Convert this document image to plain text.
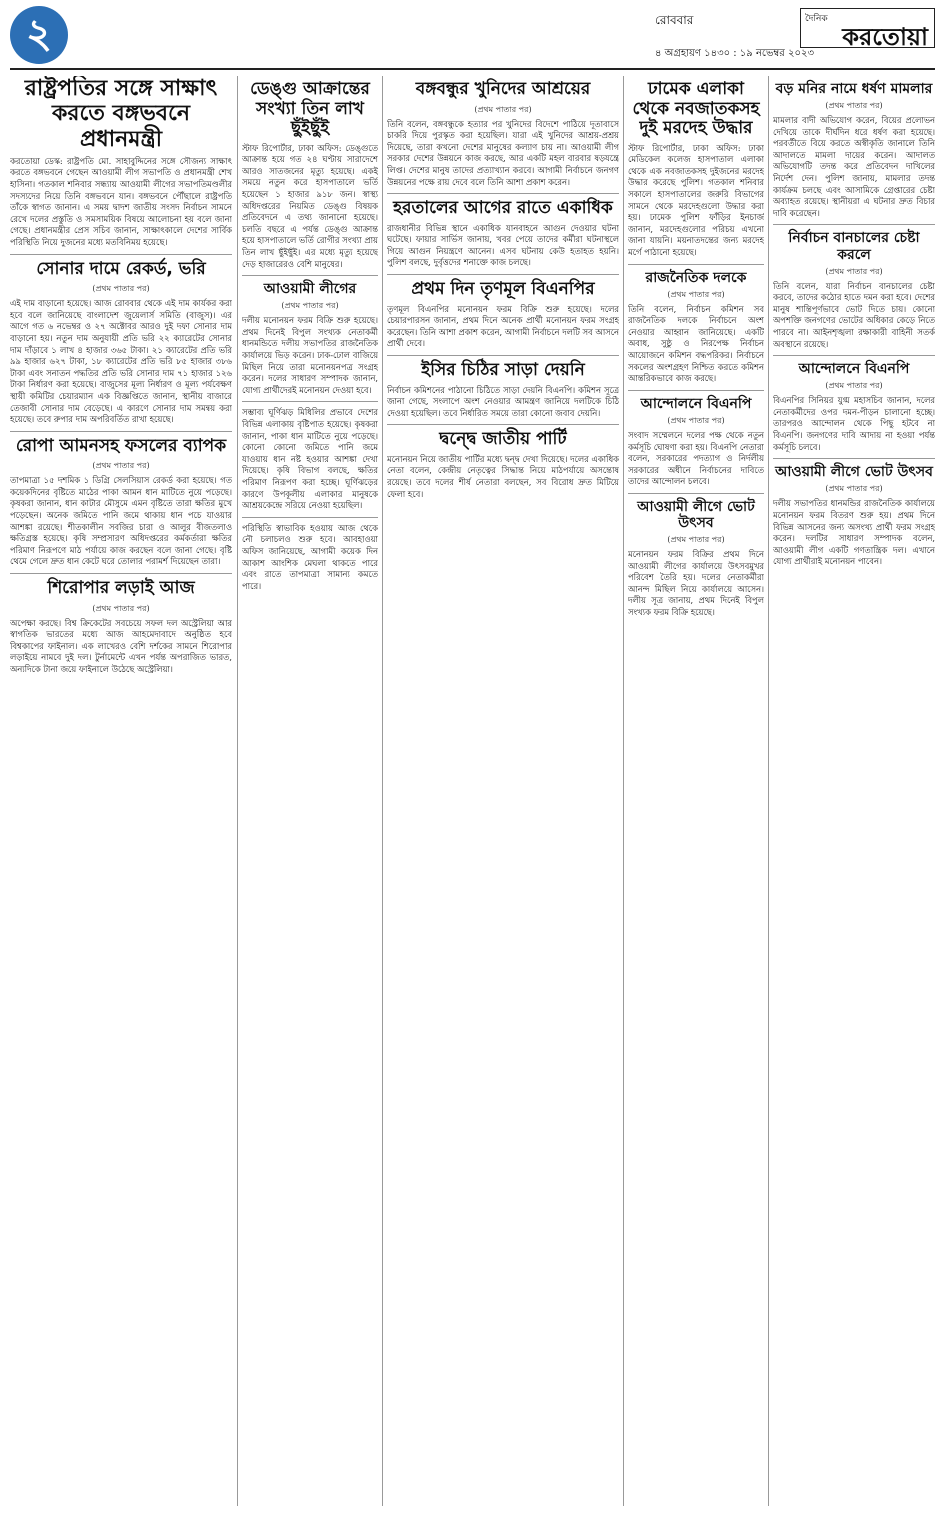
২	রোববার
৪ অগ্রহায়ণ ১৪৩০ : ১৯ নভেম্বর ২০২৩
দৈনিক
করতোয়া
রাষ্ট্রপতির সঙ্গে সাক্ষাৎ করতে বঙ্গভবনে প্রধানমন্ত্রী

করতোয়া ডেস্ক: রাষ্ট্রপতি মো. সাহাবুদ্দিনের সঙ্গে সৌজন্য সাক্ষাৎ করতে বঙ্গভবনে গেছেন আওয়ামী লীগ সভাপতি ও প্রধানমন্ত্রী শেখ হাসিনা। গতকাল শনিবার সন্ধ্যায় আওয়ামী লীগের সভাপতিমণ্ডলীর সদস্যদের নিয়ে তিনি বঙ্গভবনে যান। বঙ্গভবনে পৌঁছালে রাষ্ট্রপতি তাঁকে স্বাগত জানান। এ সময় দ্বাদশ জাতীয় সংসদ নির্বাচন সামনে রেখে দলের প্রস্তুতি ও সমসাময়িক বিষয়ে আলোচনা হয় বলে জানা গেছে। প্রধানমন্ত্রীর প্রেস সচিব জানান, সাক্ষাৎকালে দেশের সার্বিক পরিস্থিতি নিয়ে দুজনের মধ্যে মতবিনিময় হয়েছে।

সোনার দামে রেকর্ড, ভরি
(প্রথম পাতার পর)

এই দাম বাড়ানো হয়েছে। আজ রোববার থেকে এই দাম কার্যকর করা হবে বলে জানিয়েছে বাংলাদেশ জুয়েলার্স সমিতি (বাজুস)। এর আগে গত ৬ নভেম্বর ও ২৭ অক্টোবর আরও দুই দফা সোনার দাম বাড়ানো হয়। নতুন দাম অনুযায়ী প্রতি ভরি ২২ ক্যারেটের সোনার দাম দাঁড়াবে ১ লাখ ৪ হাজার ৩৬৫ টাকা। ২১ ক্যারেটের প্রতি ভরি ৯৯ হাজার ৬২৭ টাকা, ১৮ ক্যারেটের প্রতি ভরি ৮৫ হাজার ৩৮৬ টাকা এবং সনাতন পদ্ধতির প্রতি ভরি সোনার দাম ৭১ হাজার ১২৬ টাকা নির্ধারণ করা হয়েছে। বাজুসের মূল্য নির্ধারণ ও মূল্য পর্যবেক্ষণ স্থায়ী কমিটির চেয়ারম্যান এক বিজ্ঞপ্তিতে জানান, স্থানীয় বাজারে তেজাবী সোনার দাম বেড়েছে। এ কারণে সোনার দাম সমন্বয় করা হয়েছে। তবে রুপার দাম অপরিবর্তিত রাখা হয়েছে।

রোপা আমনসহ ফসলের ব্যাপক
(প্রথম পাতার পর)

তাপমাত্রা ১৫ দশমিক ১ ডিগ্রি সেলসিয়াস রেকর্ড করা হয়েছে। গত কয়েকদিনের বৃষ্টিতে মাঠের পাকা আমন ধান মাটিতে নুয়ে পড়েছে। কৃষকরা জানান, ধান কাটার মৌসুমে এমন বৃষ্টিতে তারা ক্ষতির মুখে পড়েছেন। অনেক জমিতে পানি জমে থাকায় ধান পচে যাওয়ার আশঙ্কা রয়েছে। শীতকালীন সবজির চারা ও আলুর বীজতলাও ক্ষতিগ্রস্ত হয়েছে। কৃষি সম্প্রসারণ অধিদপ্তরের কর্মকর্তারা ক্ষতির পরিমাণ নিরূপণে মাঠ পর্যায়ে কাজ করছেন বলে জানা গেছে। বৃষ্টি থেমে গেলে দ্রুত ধান কেটে ঘরে তোলার পরামর্শ দিয়েছেন তারা।

শিরোপার লড়াই আজ
(প্রথম পাতার পর)

অপেক্ষা করছে। বিশ্ব ক্রিকেটের সবচেয়ে সফল দল অস্ট্রেলিয়া আর স্বাগতিক ভারতের মধ্যে আজ আহমেদাবাদে অনুষ্ঠিত হবে বিশ্বকাপের ফাইনাল। এক লাখেরও বেশি দর্শকের সামনে শিরোপার লড়াইয়ে নামবে দুই দল। টুর্নামেন্টে এখন পর্যন্ত অপরাজিত ভারত, অন্যদিকে টানা জয়ে ফাইনালে উঠেছে অস্ট্রেলিয়া।

ডেঙ্গু আক্রান্তের সংখ্যা তিন লাখ ছুঁইছুঁই

স্টাফ রিপোর্টার, ঢাকা অফিস: ডেঙ্গুতে আক্রান্ত হয়ে গত ২৪ ঘণ্টায় সারাদেশে আরও সাতজনের মৃত্যু হয়েছে। একই সময়ে নতুন করে হাসপাতালে ভর্তি হয়েছেন ১ হাজার ৯১৮ জন। স্বাস্থ্য অধিদপ্তরের নিয়মিত ডেঙ্গু বিষয়ক প্রতিবেদনে এ তথ্য জানানো হয়েছে। চলতি বছরে এ পর্যন্ত ডেঙ্গু আক্রান্ত হয়ে হাসপাতালে ভর্তি রোগীর সংখ্যা প্রায় তিন লাখ ছুঁইছুঁই। এর মধ্যে মৃত্যু হয়েছে দেড় হাজারেরও বেশি মানুষের।

আওয়ামী লীগের
(প্রথম পাতার পর)

দলীয় মনোনয়ন ফরম বিক্রি শুরু হয়েছে। প্রথম দিনেই বিপুল সংখ্যক নেতাকর্মী ধানমন্ডিতে দলীয় সভাপতির রাজনৈতিক কার্যালয়ে ভিড় করেন। ঢাক-ঢোল বাজিয়ে মিছিল নিয়ে তারা মনোনয়নপত্র সংগ্রহ করেন। দলের সাধারণ সম্পাদক জানান, যোগ্য প্রার্থীদেরই মনোনয়ন দেওয়া হবে।

সম্ভাব্য ঘূর্ণিঝড় মিধিলির প্রভাবে দেশের বিভিন্ন এলাকায় বৃষ্টিপাত হয়েছে। কৃষকরা জানান, পাকা ধান মাটিতে নুয়ে পড়েছে। কোনো কোনো জমিতে পানি জমে যাওয়ায় ধান নষ্ট হওয়ার আশঙ্কা দেখা দিয়েছে। কৃষি বিভাগ বলছে, ক্ষতির পরিমাণ নিরূপণ করা হচ্ছে। ঘূর্ণিঝড়ের কারণে উপকূলীয় এলাকার মানুষকে আশ্রয়কেন্দ্রে সরিয়ে নেওয়া হয়েছিল।

পরিস্থিতি স্বাভাবিক হওয়ায় আজ থেকে নৌ চলাচলও শুরু হবে। আবহাওয়া অফিস জানিয়েছে, আগামী কয়েক দিন আকাশ আংশিক মেঘলা থাকতে পারে এবং রাতে তাপমাত্রা সামান্য কমতে পারে।

বঙ্গবন্ধুর খুনিদের আশ্রয়ের
(প্রথম পাতার পর)

তিনি বলেন, বঙ্গবন্ধুকে হত্যার পর খুনিদের বিদেশে পাঠিয়ে দূতাবাসে চাকরি দিয়ে পুরস্কৃত করা হয়েছিল। যারা এই খুনিদের আশ্রয়-প্রশ্রয় দিয়েছে, তারা কখনো দেশের মানুষের কল্যাণ চায় না। আওয়ামী লীগ সরকার দেশের উন্নয়নে কাজ করছে, আর একটি মহল বারবার ষড়যন্ত্রে লিপ্ত। দেশের মানুষ তাদের প্রত্যাখ্যান করবে। আগামী নির্বাচনে জনগণ উন্নয়নের পক্ষে রায় দেবে বলে তিনি আশা প্রকাশ করেন।

হরতালের আগের রাতে একাধিক

রাজধানীর বিভিন্ন স্থানে একাধিক যানবাহনে আগুন দেওয়ার ঘটনা ঘটেছে। ফায়ার সার্ভিস জানায়, খবর পেয়ে তাদের কর্মীরা ঘটনাস্থলে গিয়ে আগুন নিয়ন্ত্রণে আনেন। এসব ঘটনায় কেউ হতাহত হয়নি। পুলিশ বলছে, দুর্বৃত্তদের শনাক্তে কাজ চলছে।

প্রথম দিন তৃণমূল বিএনপির

তৃণমূল বিএনপির মনোনয়ন ফরম বিক্রি শুরু হয়েছে। দলের চেয়ারপারসন জানান, প্রথম দিনে অনেক প্রার্থী মনোনয়ন ফরম সংগ্রহ করেছেন। তিনি আশা প্রকাশ করেন, আগামী নির্বাচনে দলটি সব আসনে প্রার্থী দেবে।

ইসির চিঠির সাড়া দেয়নি

নির্বাচন কমিশনের পাঠানো চিঠিতে সাড়া দেয়নি বিএনপি। কমিশন সূত্রে জানা গেছে, সংলাপে অংশ নেওয়ার আমন্ত্রণ জানিয়ে দলটিকে চিঠি দেওয়া হয়েছিল। তবে নির্ধারিত সময়ে তারা কোনো জবাব দেয়নি।

দ্বন্দ্বে জাতীয় পার্টি

মনোনয়ন নিয়ে জাতীয় পার্টির মধ্যে দ্বন্দ্ব দেখা দিয়েছে। দলের একাধিক নেতা বলেন, কেন্দ্রীয় নেতৃত্বের সিদ্ধান্ত নিয়ে মাঠপর্যায়ে অসন্তোষ রয়েছে। তবে দলের শীর্ষ নেতারা বলছেন, সব বিরোধ দ্রুত মিটিয়ে ফেলা হবে।

ঢামেক এলাকা থেকে নবজাতকসহ দুই মরদেহ উদ্ধার

স্টাফ রিপোর্টার, ঢাকা অফিস: ঢাকা মেডিকেল কলেজ হাসপাতাল এলাকা থেকে এক নবজাতকসহ দুইজনের মরদেহ উদ্ধার করেছে পুলিশ। গতকাল শনিবার সকালে হাসপাতালের জরুরি বিভাগের সামনে থেকে মরদেহগুলো উদ্ধার করা হয়। ঢামেক পুলিশ ফাঁড়ির ইনচার্জ জানান, মরদেহগুলোর পরিচয় এখনো জানা যায়নি। ময়নাতদন্তের জন্য মরদেহ মর্গে পাঠানো হয়েছে।

রাজনৈতিক দলকে
(প্রথম পাতার পর)

তিনি বলেন, নির্বাচন কমিশন সব রাজনৈতিক দলকে নির্বাচনে অংশ নেওয়ার আহ্বান জানিয়েছে। একটি অবাধ, সুষ্ঠু ও নিরপেক্ষ নির্বাচন আয়োজনে কমিশন বদ্ধপরিকর। নির্বাচনে সকলের অংশগ্রহণ নিশ্চিত করতে কমিশন আন্তরিকভাবে কাজ করছে।

আন্দোলনে বিএনপি
(প্রথম পাতার পর)

সংবাদ সম্মেলনে দলের পক্ষ থেকে নতুন কর্মসূচি ঘোষণা করা হয়। বিএনপি নেতারা বলেন, সরকারের পদত্যাগ ও নির্দলীয় সরকারের অধীনে নির্বাচনের দাবিতে তাদের আন্দোলন চলবে।

আওয়ামী লীগে ভোট উৎসব
(প্রথম পাতার পর)

মনোনয়ন ফরম বিক্রির প্রথম দিনে আওয়ামী লীগের কার্যালয়ে উৎসবমুখর পরিবেশ তৈরি হয়। দলের নেতাকর্মীরা আনন্দ মিছিল নিয়ে কার্যালয়ে আসেন। দলীয় সূত্র জানায়, প্রথম দিনেই বিপুল সংখ্যক ফরম বিক্রি হয়েছে।

বড় মনির নামে ধর্ষণ মামলার
(প্রথম পাতার পর)

মামলার বাদী অভিযোগ করেন, বিয়ের প্রলোভন দেখিয়ে তাকে দীর্ঘদিন ধরে ধর্ষণ করা হয়েছে। পরবর্তীতে বিয়ে করতে অস্বীকৃতি জানালে তিনি আদালতে মামলা দায়ের করেন। আদালত অভিযোগটি তদন্ত করে প্রতিবেদন দাখিলের নির্দেশ দেন। পুলিশ জানায়, মামলার তদন্ত কার্যক্রম চলছে এবং আসামিকে গ্রেপ্তারের চেষ্টা অব্যাহত রয়েছে। স্থানীয়রা এ ঘটনার দ্রুত বিচার দাবি করেছেন।

নির্বাচন বানচালের চেষ্টা করলে
(প্রথম পাতার পর)

তিনি বলেন, যারা নির্বাচন বানচালের চেষ্টা করবে, তাদের কঠোর হাতে দমন করা হবে। দেশের মানুষ শান্তিপূর্ণভাবে ভোট দিতে চায়। কোনো অপশক্তি জনগণের ভোটের অধিকার কেড়ে নিতে পারবে না। আইনশৃঙ্খলা রক্ষাকারী বাহিনী সতর্ক অবস্থানে রয়েছে।

আন্দোলনে বিএনপি
(প্রথম পাতার পর)

বিএনপির সিনিয়র যুগ্ম মহাসচিব জানান, দলের নেতাকর্মীদের ওপর দমন-পীড়ন চালানো হচ্ছে। তারপরও আন্দোলন থেকে পিছু হটবে না বিএনপি। জনগণের দাবি আদায় না হওয়া পর্যন্ত কর্মসূচি চলবে।

আওয়ামী লীগে ভোট উৎসব
(প্রথম পাতার পর)

দলীয় সভাপতির ধানমন্ডির রাজনৈতিক কার্যালয়ে মনোনয়ন ফরম বিতরণ শুরু হয়। প্রথম দিনে বিভিন্ন আসনের জন্য অসংখ্য প্রার্থী ফরম সংগ্রহ করেন। দলটির সাধারণ সম্পাদক বলেন, আওয়ামী লীগ একটি গণতান্ত্রিক দল। এখানে যোগ্য প্রার্থীরাই মনোনয়ন পাবেন।
